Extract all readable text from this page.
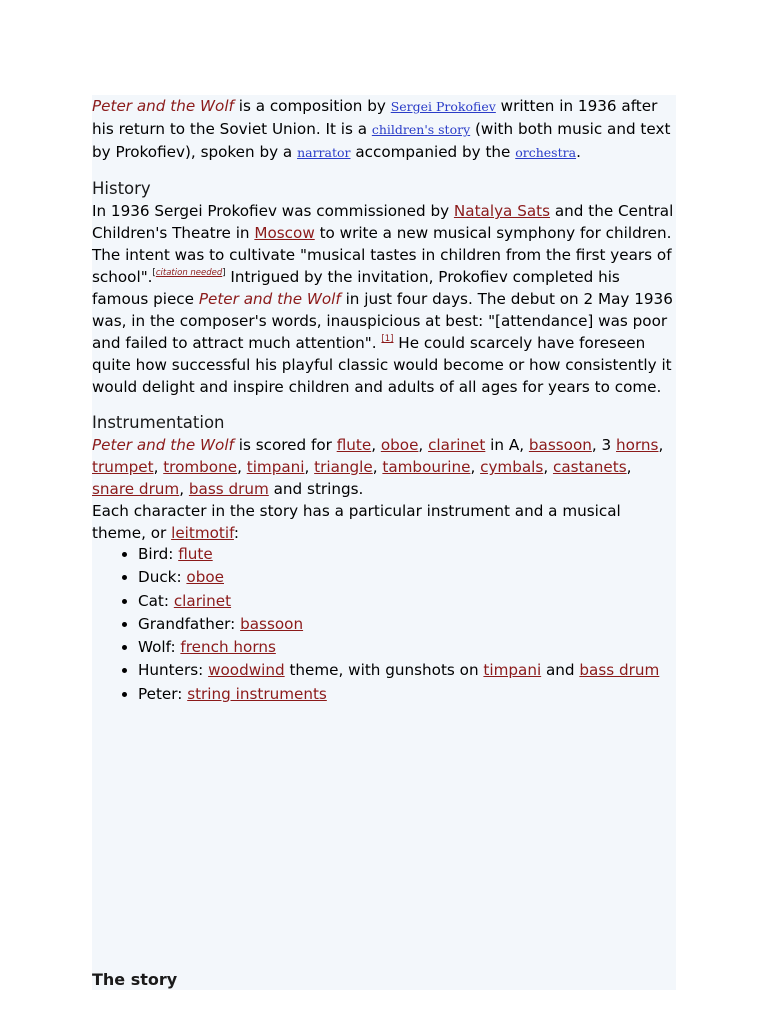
Peter and the Wolf is a composition by Sergei Prokofiev written in 1936 after his return to the Soviet Union. It is a children's story (with both music and text by Prokofiev), spoken by a narrator accompanied by the orchestra.

History

In 1936 Sergei Prokofiev was commissioned by Natalya Sats and the Central Children's Theatre in Moscow to write a new musical symphony for children. The intent was to cultivate "musical tastes in children from the first years of school".[citation needed] Intrigued by the invitation, Prokofiev completed his famous piece Peter and the Wolf in just four days. The debut on 2 May 1936 was, in the composer's words, inauspicious at best: "[attendance] was poor and failed to attract much attention". [1] He could scarcely have foreseen quite how successful his playful classic would become or how consistently it would delight and inspire children and adults of all ages for years to come.

Instrumentation

Peter and the Wolf is scored for flute, oboe, clarinet in A, bassoon, 3 horns, trumpet, trombone, timpani, triangle, tambourine, cymbals, castanets, snare drum, bass drum and strings.

Each character in the story has a particular instrument and a musical theme, or leitmotif:

• Bird: flute
• Duck: oboe
• Cat: clarinet
• Grandfather: bassoon
• Wolf: french horns
• Hunters: woodwind theme, with gunshots on timpani and bass drum
• Peter: string instruments
The story
